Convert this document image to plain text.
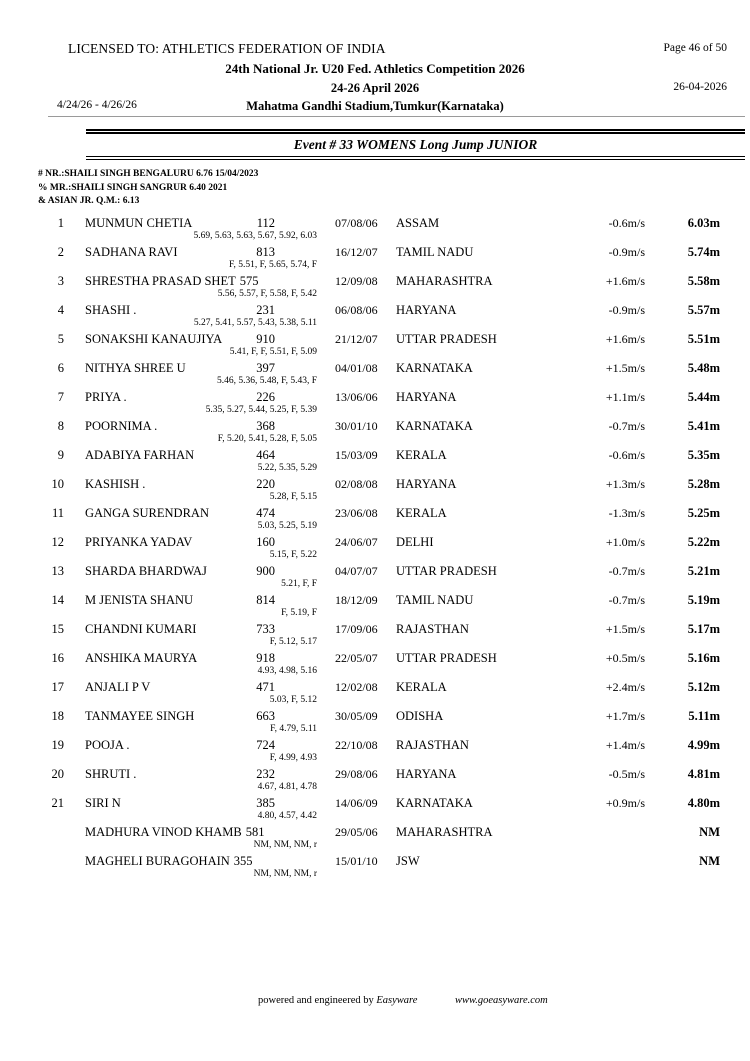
LICENSED TO: ATHLETICS FEDERATION OF INDIA	Page 46 of 50
24th National Jr. U20 Fed. Athletics Competition 2026
24-26 April 2026	26-04-2026
4/24/26 - 4/26/26	Mahatma Gandhi Stadium,Tumkur(Karnataka)
Event # 33 WOMENS Long Jump JUNIOR
# NR.:SHAILI SINGH BENGALURU 6.76 15/04/2023
% MR.:SHAILI SINGH SANGRUR 6.40 2021
& ASIAN JR. Q.M.: 6.13
1 MUNMUN CHETIA	112	07/08/06 ASSAM	-0.6m/s	6.03m
5.69, 5.63, 5.63, 5.67, 5.92, 6.03
2 SADHANA RAVI	813	16/12/07 TAMIL NADU	-0.9m/s	5.74m
F, 5.51, F, 5.65, 5.74, F
3 SHRESTHA PRASAD SHET 575	12/09/08 MAHARASHTRA	+1.6m/s	5.58m
5.56, 5.57, F, 5.58, F, 5.42
4 SHASHI .	231	06/08/06 HARYANA	-0.9m/s	5.57m
5.27, 5.41, 5.57, 5.43, 5.38, 5.11
5 SONAKSHI KANAUJIYA	910	21/12/07 UTTAR PRADESH	+1.6m/s	5.51m
5.41, F, F, 5.51, F, 5.09
6 NITHYA SHREE U	397	04/01/08 KARNATAKA	+1.5m/s	5.48m
5.46, 5.36, 5.48, F, 5.43, F
7 PRIYA .	226	13/06/06 HARYANA	+1.1m/s	5.44m
5.35, 5.27, 5.44, 5.25, F, 5.39
8 POORNIMA .	368	30/01/10 KARNATAKA	-0.7m/s	5.41m
F, 5.20, 5.41, 5.28, F, 5.05
9 ADABIYA FARHAN	464	15/03/09 KERALA	-0.6m/s	5.35m
5.22, 5.35, 5.29
10 KASHISH .	220	02/08/08 HARYANA	+1.3m/s	5.28m
5.28, F, 5.15
11 GANGA SURENDRAN	474	23/06/08 KERALA	-1.3m/s	5.25m
5.03, 5.25, 5.19
12 PRIYANKA YADAV	160	24/06/07 DELHI	+1.0m/s	5.22m
5.15, F, 5.22
13 SHARDA BHARDWAJ	900	04/07/07 UTTAR PRADESH	-0.7m/s	5.21m
5.21, F, F
14 M JENISTA SHANU	814	18/12/09 TAMIL NADU	-0.7m/s	5.19m
F, 5.19, F
15 CHANDNI KUMARI	733	17/09/06 RAJASTHAN	+1.5m/s	5.17m
F, 5.12, 5.17
16 ANSHIKA MAURYA	918	22/05/07 UTTAR PRADESH	+0.5m/s	5.16m
4.93, 4.98, 5.16
17 ANJALI P V	471	12/02/08 KERALA	+2.4m/s	5.12m
5.03, F, 5.12
18 TANMAYEE SINGH	663	30/05/09 ODISHA	+1.7m/s	5.11m
F, 4.79, 5.11
19 POOJA .	724	22/10/08 RAJASTHAN	+1.4m/s	4.99m
F, 4.99, 4.93
20 SHRUTI .	232	29/08/06 HARYANA	-0.5m/s	4.81m
4.67, 4.81, 4.78
21 SIRI N	385	14/06/09 KARNATAKA	+0.9m/s	4.80m
4.80, 4.57, 4.42
MADHURA VINOD KHAMB 581	29/05/06 MAHARASHTRA	NM
NM, NM, NM, r
MAGHELI BURAGOHAIN 355	15/01/10 JSW	NM
NM, NM, NM, r
powered and engineered by Easyware	www.goeasyware.com
